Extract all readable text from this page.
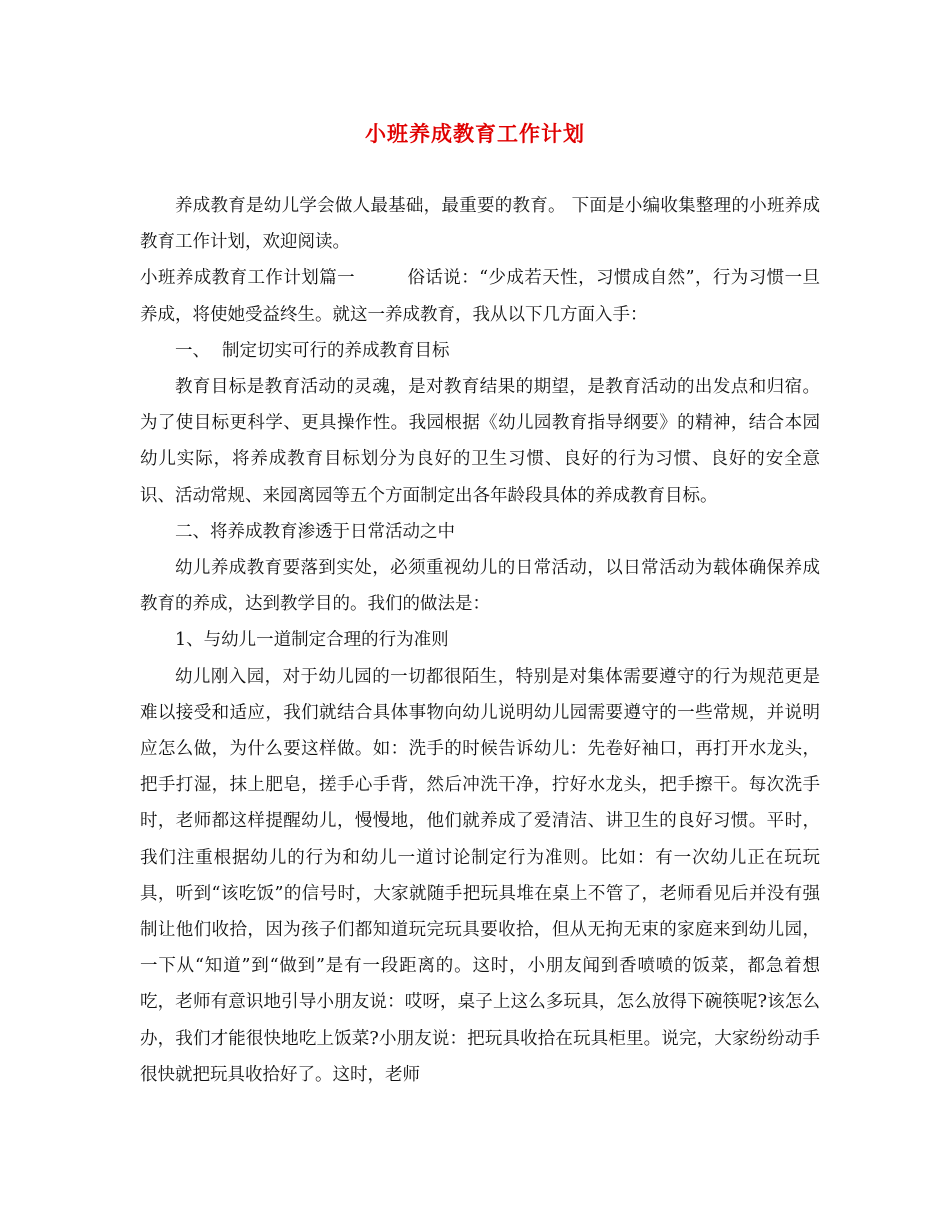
小班养成教育工作计划

养成教育是幼儿学会做人最基础，最重要的教育。 下面是小编收集整理的小班养成教育工作计划，欢迎阅读。

小班养成教育工作计划篇一	俗话说：“少成若天性，习惯成自然”，行为习惯一旦养成，将使她受益终生。就这一养成教育，我从以下几方面入手：

一、 制定切实可行的养成教育目标

教育目标是教育活动的灵魂，是对教育结果的期望，是教育活动的出发点和归宿。为了使目标更科学、更具操作性。我园根据《幼儿园教育指导纲要》的精神，结合本园幼儿实际，将养成教育目标划分为良好的卫生习惯、良好的行为习惯、良好的安全意识、活动常规、来园离园等五个方面制定出各年龄段具体的养成教育目标。

二、将养成教育渗透于日常活动之中

幼儿养成教育要落到实处，必须重视幼儿的日常活动，以日常活动为载体确保养成教育的养成，达到教学目的。我们的做法是：

1、与幼儿一道制定合理的行为准则

幼儿刚入园，对于幼儿园的一切都很陌生，特别是对集体需要遵守的行为规范更是难以接受和适应，我们就结合具体事物向幼儿说明幼儿园需要遵守的一些常规，并说明应怎么做，为什么要这样做。如：洗手的时候告诉幼儿：先卷好袖口，再打开水龙头，把手打湿，抹上肥皂，搓手心手背，然后冲洗干净，拧好水龙头，把手擦干。每次洗手时，老师都这样提醒幼儿，慢慢地，他们就养成了爱清洁、讲卫生的良好习惯。平时，我们注重根据幼儿的行为和幼儿一道讨论制定行为准则。比如：有一次幼儿正在玩玩具，听到“该吃饭”的信号时，大家就随手把玩具堆在桌上不管了，老师看见后并没有强制让他们收拾，因为孩子们都知道玩完玩具要收拾，但从无拘无束的家庭来到幼儿园，一下从“知道”到“做到”是有一段距离的。这时，小朋友闻到香喷喷的饭菜，都急着想吃，老师有意识地引导小朋友说：哎呀，桌子上这么多玩具，怎么放得下碗筷呢?该怎么办，我们才能很快地吃上饭菜?小朋友说：把玩具收拾在玩具柜里。说完，大家纷纷动手很快就把玩具收拾好了。这时，老师
